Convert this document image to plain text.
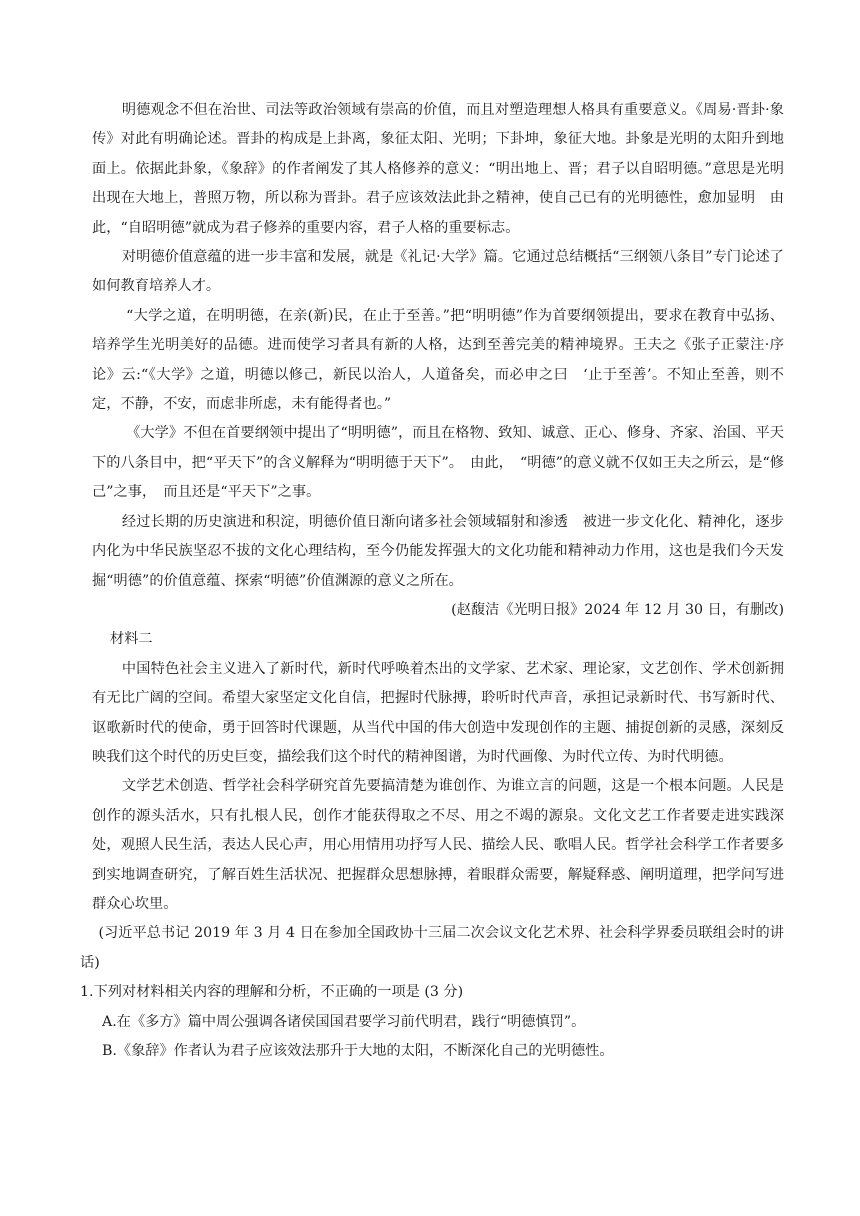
明德观念不但在治世、司法等政治领域有崇高的价值，而且对塑造理想人格具有重要意义。《周易·晋卦·象传》对此有明确论述。晋卦的构成是上卦离，象征太阳、光明；下卦坤，象征大地。卦象是光明的太阳升到地面上。依据此卦象，《象辞》的作者阐发了其人格修养的意义：“明出地上、晋；君子以自昭明德。”意思是光明出现在大地上，普照万物，所以称为晋卦。君子应该效法此卦之精神，使自己已有的光明德性，愈加显明　由此，“自昭明德”就成为君子修养的重要内容，君子人格的重要标志。

对明德价值意蕴的进一步丰富和发展，就是《礼记·大学》篇。它通过总结概括“三纲领八条目”专门论述了如何教育培养人才。

“大学之道，在明明德，在亲(新)民，在止于至善。”把“明明德”作为首要纲领提出，要求在教育中弘扬、培养学生光明美好的品德。进而使学习者具有新的人格，达到至善完美的精神境界。王夫之《张子正蒙注·序论》云:“《大学》之道，明德以修己，新民以治人，人道备矣，而必申之曰　‘止于至善’。不知止至善，则不定，不静，不安，而虑非所虑，未有能得者也。”

《大学》不但在首要纲领中提出了“明明德”，而且在格物、致知、诚意、正心、修身、齐家、治国、平天下的八条目中，把“平天下”的含义解释为“明明德于天下”。　由此，　“明德”的意义就不仅如王夫之所云，是“修己”之事，　而且还是“平天下”之事。

经过长期的历史演进和积淀，明德价值日渐向诸多社会领域辐射和渗透　被进一步文化化、精神化，逐步内化为中华民族坚忍不拔的文化心理结构，至今仍能发挥强大的文化功能和精神动力作用，这也是我们今天发掘“明德”的价值意蕴、探索“明德”价值渊源的意义之所在。

(赵馥洁《光明日报》2024 年 12 月 30 日，有删改)

材料二

中国特色社会主义进入了新时代，新时代呼唤着杰出的文学家、艺术家、理论家，文艺创作、学术创新拥有无比广阔的空间。希望大家坚定文化自信，把握时代脉搏，聆听时代声音，承担记录新时代、书写新时代、讴歌新时代的使命，勇于回答时代课题，从当代中国的伟大创造中发现创作的主题、捕捉创新的灵感，深刻反映我们这个时代的历史巨变，描绘我们这个时代的精神图谱，为时代画像、为时代立传、为时代明德。

文学艺术创造、哲学社会科学研究首先要搞清楚为谁创作、为谁立言的问题，这是一个根本问题。人民是创作的源头活水，只有扎根人民，创作才能获得取之不尽、用之不竭的源泉。文化文艺工作者要走进实践深处，观照人民生活，表达人民心声，用心用情用功抒写人民、描绘人民、歌唱人民。哲学社会科学工作者要多到实地调查研究，了解百姓生活状况、把握群众思想脉搏，着眼群众需要，解疑释惑、阐明道理，把学问写进群众心坎里。

(习近平总书记 2019 年 3 月 4 日在参加全国政协十三届二次会议文化艺术界、社会科学界委员联组会时的讲话)

1.下列对材料相关内容的理解和分析，不正确的一项是 (3 分)

A.在《多方》篇中周公强调各诸侯国国君要学习前代明君，践行“明德慎罚”。

B.《象辞》作者认为君子应该效法那升于大地的太阳，不断深化自己的光明德性。
